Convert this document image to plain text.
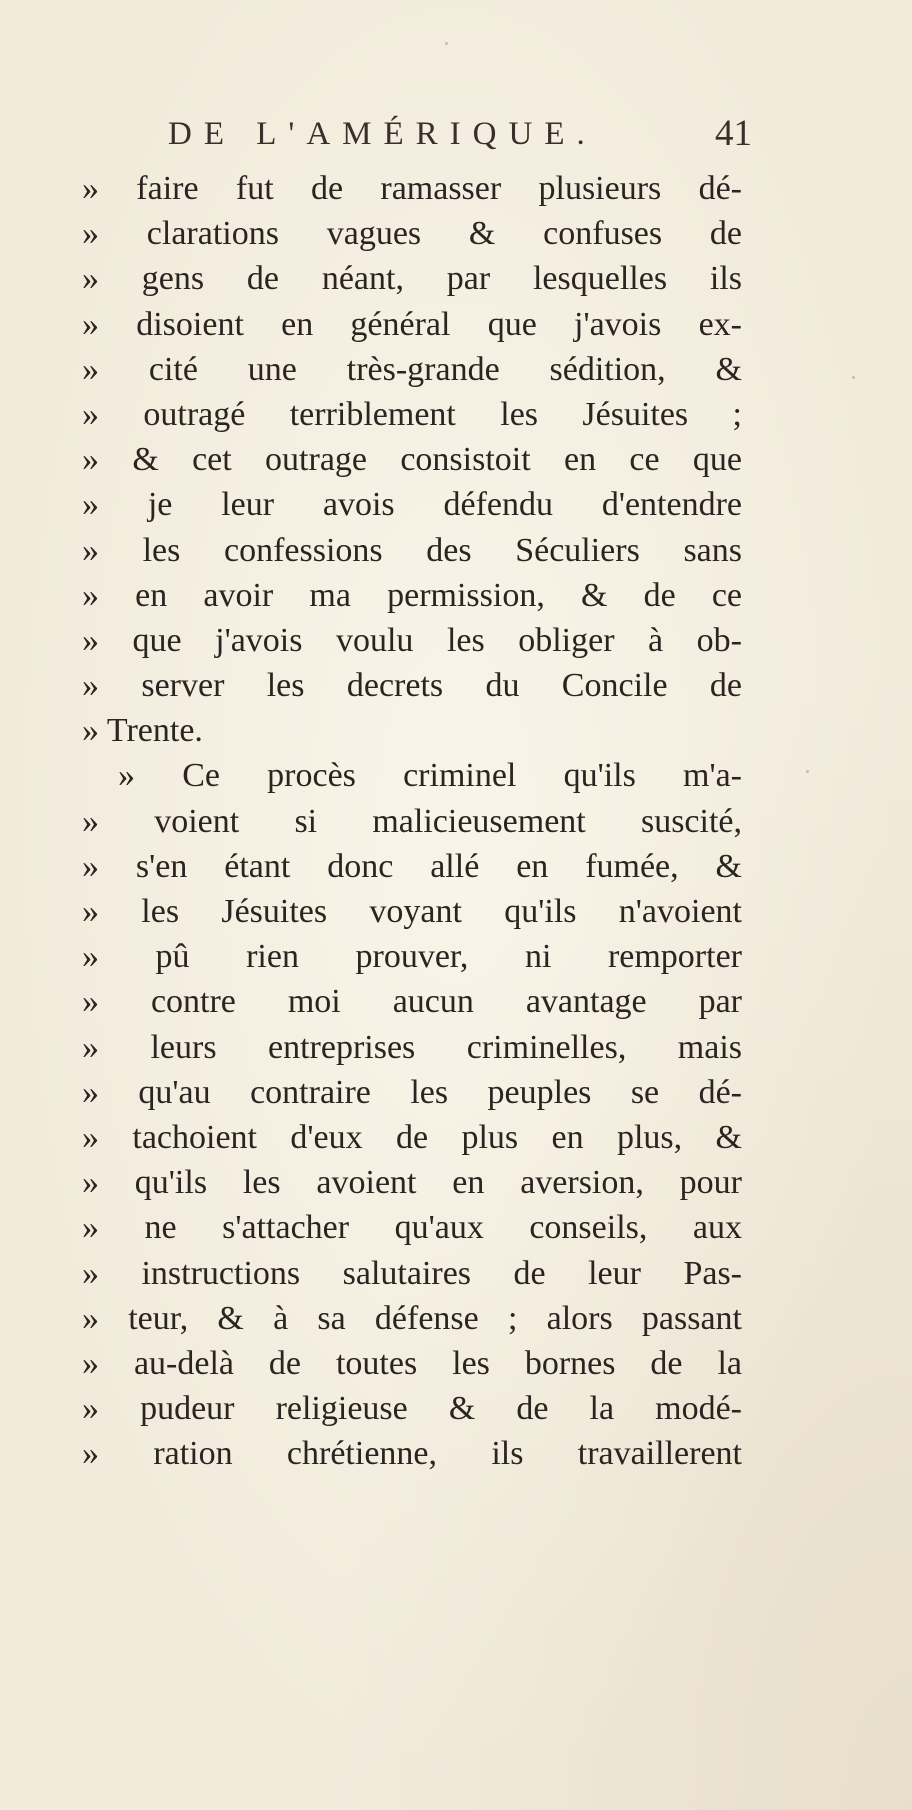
DE L'AMÉRIQUE.	41
» faire fut de ramasser plusieurs dé-
» clarations vagues & confuses de
» gens de néant, par lesquelles ils
» disoient en général que j'avois ex-
» cité une très-grande sédition, &
» outragé terriblement les Jésuites ;
» & cet outrage consistoit en ce que
» je leur avois défendu d'entendre
» les confessions des Séculiers sans
» en avoir ma permission, & de ce
» que j'avois voulu les obliger à ob-
» server les decrets du Concile de
» Trente.
» Ce procès criminel qu'ils m'a-
» voient si malicieusement suscité,
» s'en étant donc allé en fumée, &
» les Jésuites voyant qu'ils n'avoient
» pû rien prouver, ni remporter
» contre moi aucun avantage par
» leurs entreprises criminelles, mais
» qu'au contraire les peuples se dé-
» tachoient d'eux de plus en plus, &
» qu'ils les avoient en aversion, pour
» ne s'attacher qu'aux conseils, aux
» instructions salutaires de leur Pas-
» teur, & à sa défense ; alors passant
» au-delà de toutes les bornes de la
» pudeur religieuse & de la modé-
» ration chrétienne, ils travaillerent
